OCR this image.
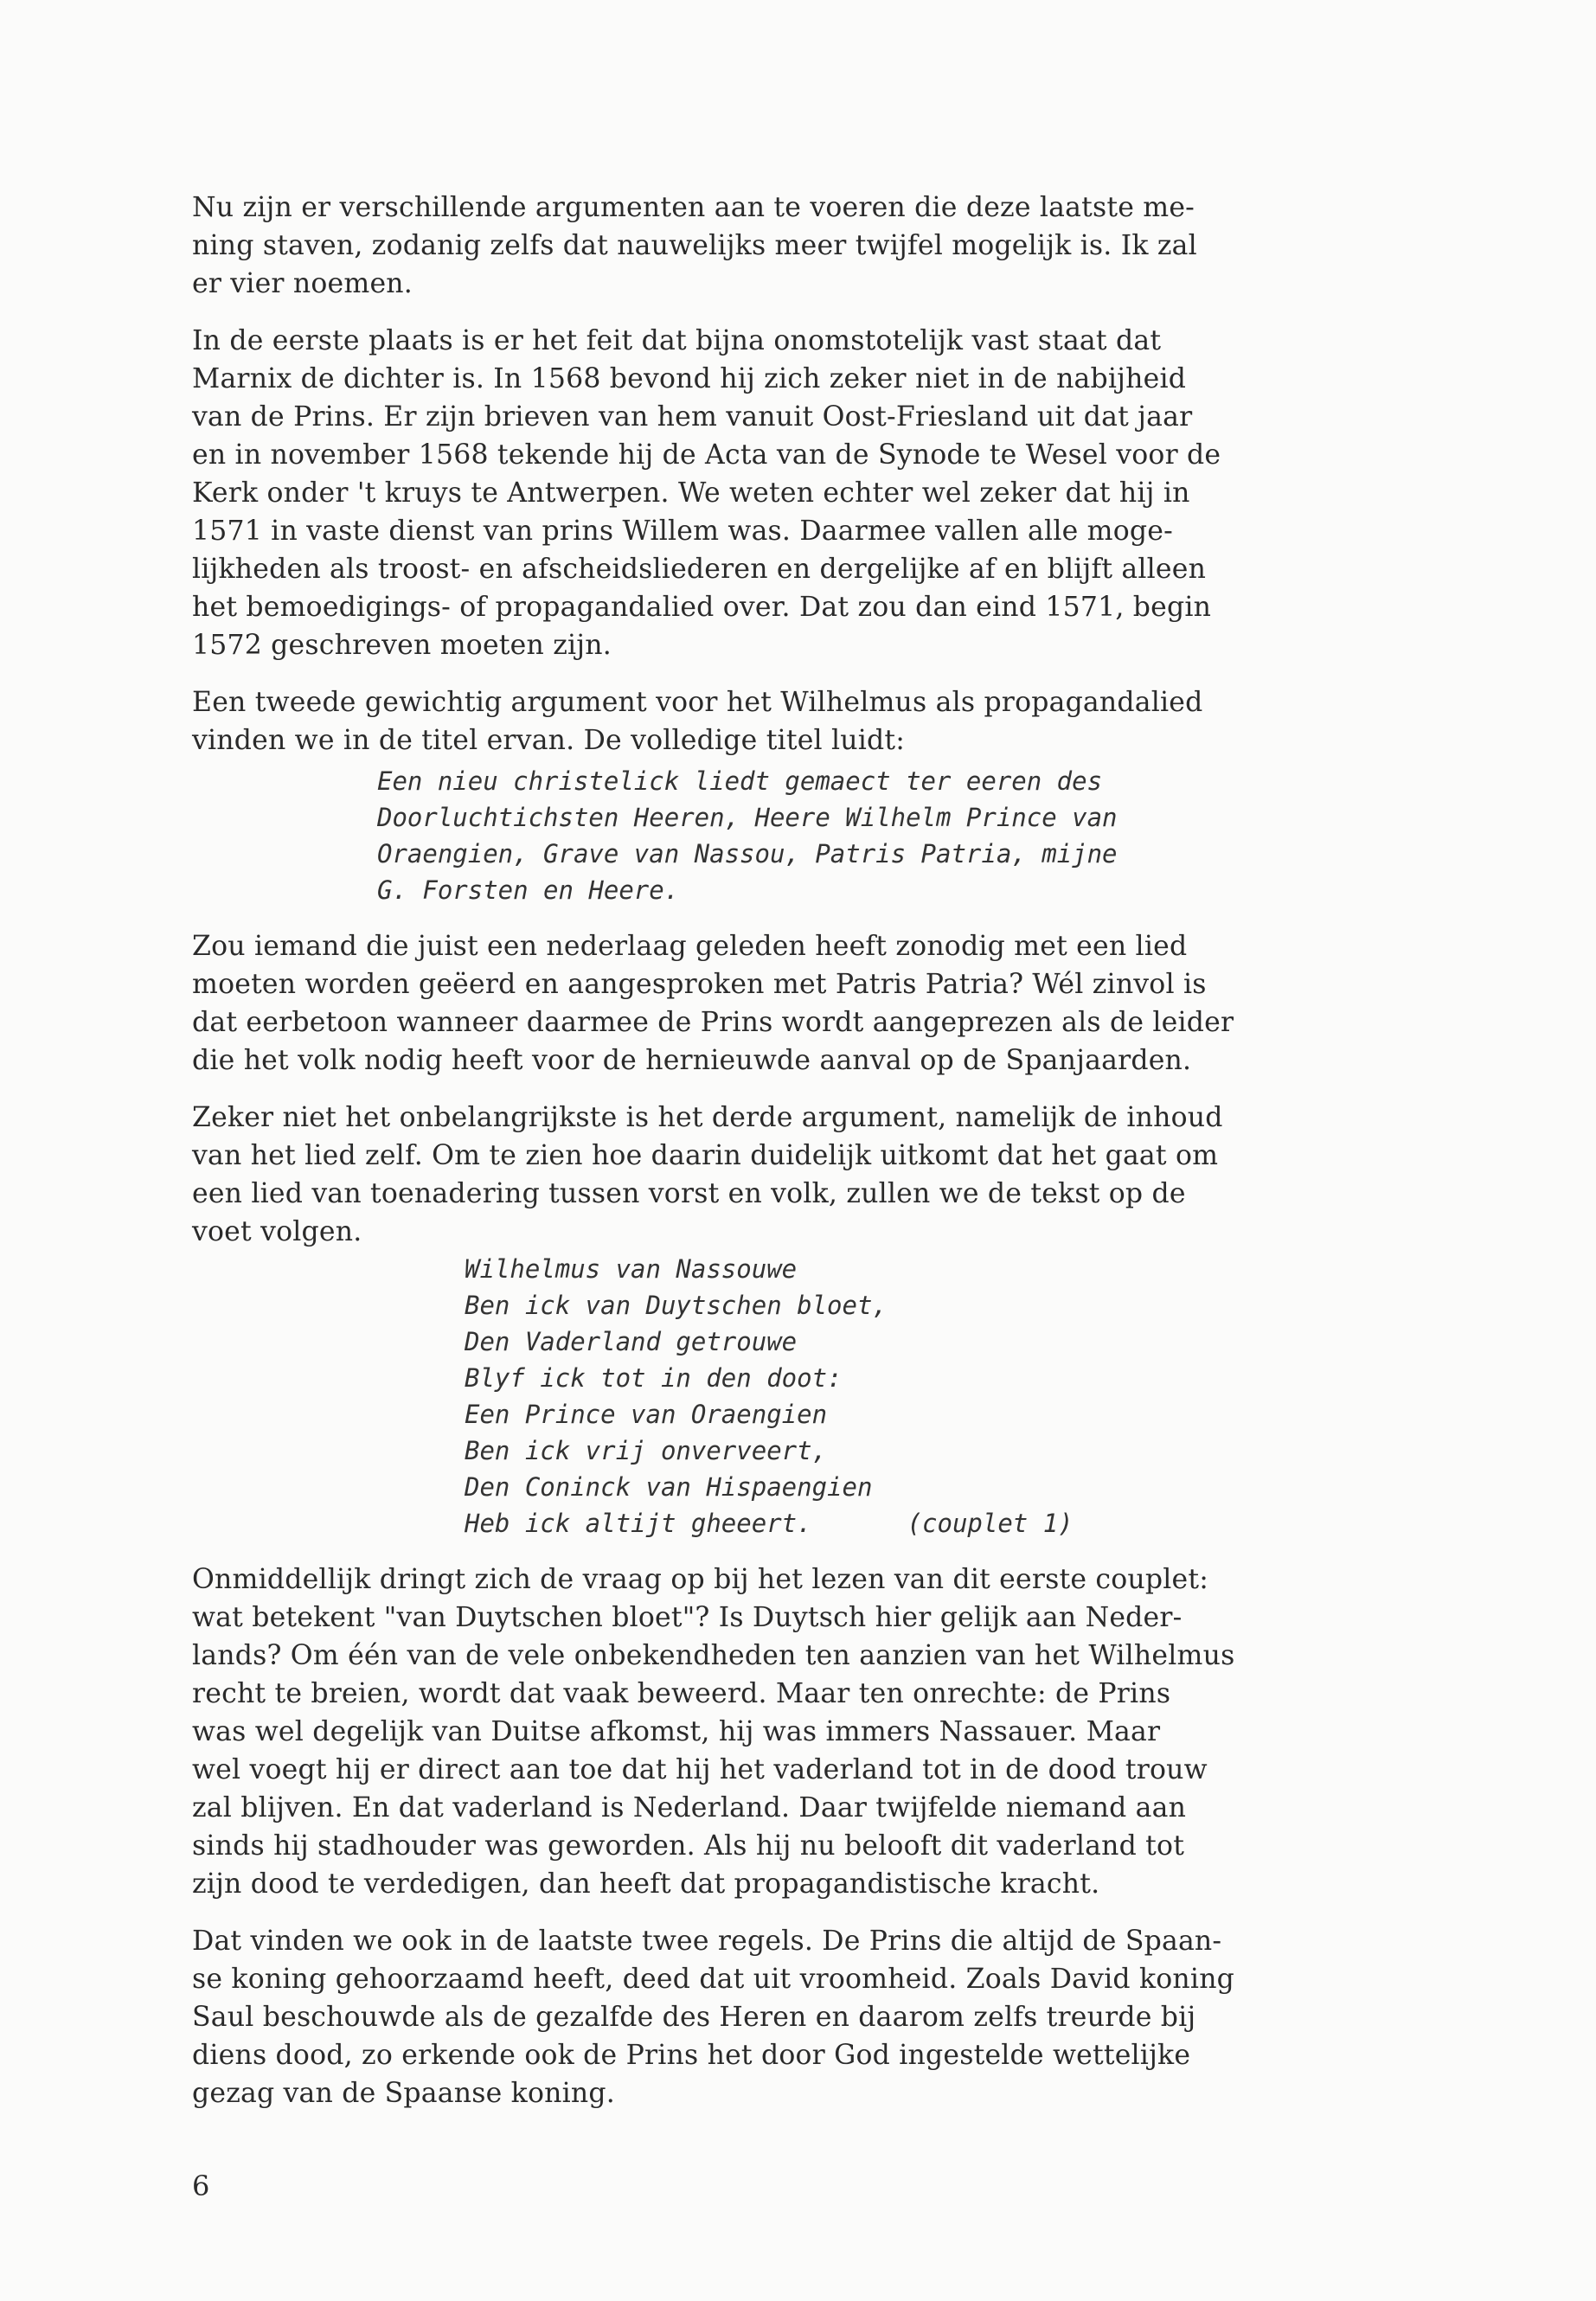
Nu zijn er verschillende argumenten aan te voeren die deze laatste me-
ning staven, zodanig zelfs dat nauwelijks meer twijfel mogelijk is. Ik zal
er vier noemen.

In de eerste plaats is er het feit dat bijna onomstotelijk vast staat dat
Marnix de dichter is. In 1568 bevond hij zich zeker niet in de nabijheid
van de Prins. Er zijn brieven van hem vanuit Oost-Friesland uit dat jaar
en in november 1568 tekende hij de Acta van de Synode te Wesel voor de
Kerk onder 't kruys te Antwerpen. We weten echter wel zeker dat hij in
1571 in vaste dienst van prins Willem was. Daarmee vallen alle moge-
lijkheden als troost- en afscheidsliederen en dergelijke af en blijft alleen
het bemoedigings- of propagandalied over. Dat zou dan eind 1571, begin
1572 geschreven moeten zijn.

Een tweede gewichtig argument voor het Wilhelmus als propagandalied
vinden we in de titel ervan. De volledige titel luidt:

Een nieu christelick liedt gemaect ter eeren des
Doorluchtichsten Heeren, Heere Wilhelm Prince van
Oraengien, Grave van Nassou, Patris Patria, mijne
G. Forsten en Heere.

Zou iemand die juist een nederlaag geleden heeft zonodig met een lied
moeten worden geëerd en aangesproken met Patris Patria? Wél zinvol is
dat eerbetoon wanneer daarmee de Prins wordt aangeprezen als de leider
die het volk nodig heeft voor de hernieuwde aanval op de Spanjaarden.

Zeker niet het onbelangrijkste is het derde argument, namelijk de inhoud
van het lied zelf. Om te zien hoe daarin duidelijk uitkomt dat het gaat om
een lied van toenadering tussen vorst en volk, zullen we de tekst op de
voet volgen.

Wilhelmus van Nassouwe
Ben ick van Duytschen bloet,
Den Vaderland getrouwe
Blyf ick tot in den doot:
Een Prince van Oraengien
Ben ick vrij onverveert,
Den Coninck van Hispaengien
Heb ick altijt gheeert.	(couplet 1)

Onmiddellijk dringt zich de vraag op bij het lezen van dit eerste couplet:
wat betekent "van Duytschen bloet"? Is Duytsch hier gelijk aan Neder-
lands? Om één van de vele onbekendheden ten aanzien van het Wilhelmus
recht te breien, wordt dat vaak beweerd. Maar ten onrechte: de Prins
was wel degelijk van Duitse afkomst, hij was immers Nassauer. Maar
wel voegt hij er direct aan toe dat hij het vaderland tot in de dood trouw
zal blijven. En dat vaderland is Nederland. Daar twijfelde niemand aan
sinds hij stadhouder was geworden. Als hij nu belooft dit vaderland tot
zijn dood te verdedigen, dan heeft dat propagandistische kracht.

Dat vinden we ook in de laatste twee regels. De Prins die altijd de Spaan-
se koning gehoorzaamd heeft, deed dat uit vroomheid. Zoals David koning
Saul beschouwde als de gezalfde des Heren en daarom zelfs treurde bij
diens dood, zo erkende ook de Prins het door God ingestelde wettelijke
gezag van de Spaanse koning.

6
